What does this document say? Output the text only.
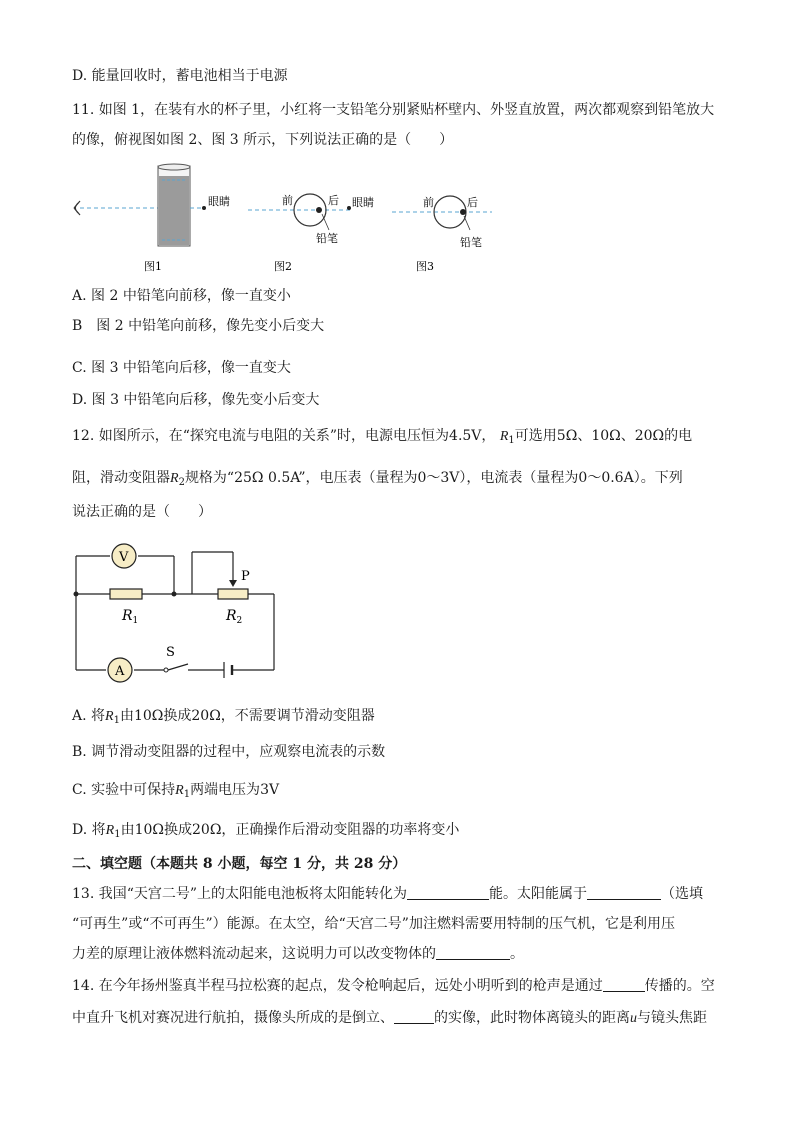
D. 能量回收时，蓄电池相当于电源
11. 如图 1，在装有水的杯子里，小红将一支铅笔分别紧贴杯壁内、外竖直放置，两次都观察到铅笔放大
的像，俯视图如图 2、图 3 所示，下列说法正确的是（　　）
眼睛
图1
前	后
铅笔
图2
眼睛	前	后
铅笔
图3
A. 图 2 中铅笔向前移，像一直变小
B　图 2 中铅笔向前移，像先变小后变大
C. 图 3 中铅笔向后移，像一直变大
D. 图 3 中铅笔向后移，像先变小后变大
12. 如图所示，在“探究电流与电阻的关系”时，电源电压恒为4.5V， $R_1$可选用5Ω、10Ω、20Ω的电
阻，滑动变阻器$R_2$规格为“25Ω 0.5A”，电压表（量程为0～3V），电流表（量程为0～0.6A）。下列
说法正确的是（　　）
V
A
P
S
$R_1$	$R_2$
A. 将$R_1$由10Ω换成20Ω，不需要调节滑动变阻器
B. 调节滑动变阻器的过程中，应观察电流表的示数
C. 实验中可保持$R_1$两端电压为3V
D. 将$R_1$由10Ω换成20Ω，正确操作后滑动变阻器的功率将变小
二、填空题（本题共 8 小题，每空 1 分，共 28 分）
13. 我国“天宫二号”上的太阳能电池板将太阳能转化为	能。太阳能属于	（选填
“可再生”或“不可再生”）能源。在太空，给“天宫二号”加注燃料需要用特制的压气机，它是利用压
力差的原理让液体燃料流动起来，这说明力可以改变物体的	。
14. 在今年扬州鉴真半程马拉松赛的起点，发令枪响起后，远处小明听到的枪声是通过	传播的。空
中直升飞机对赛况进行航拍，摄像头所成的是倒立、	的实像，此时物体离镜头的距离u与镜头焦距
